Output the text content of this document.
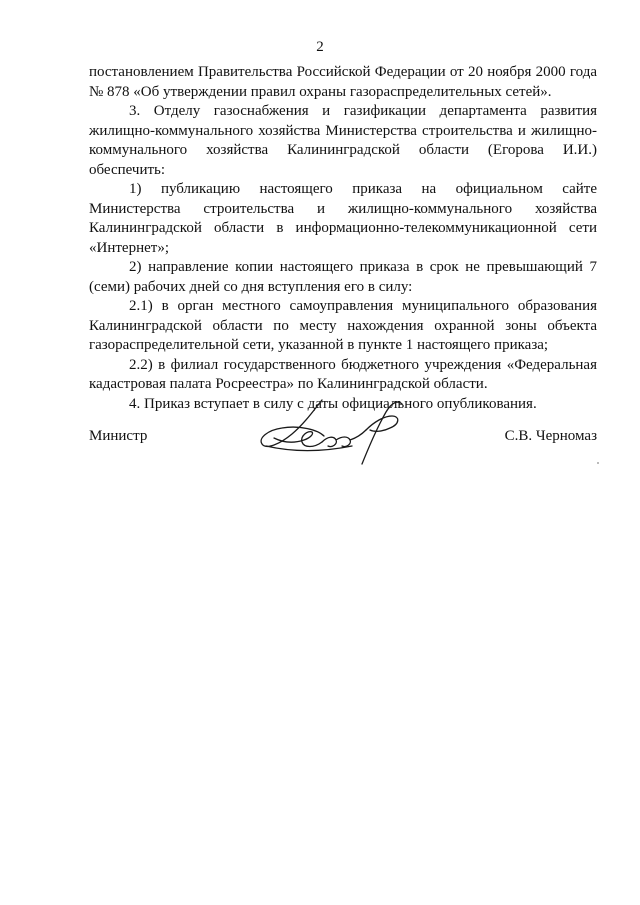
2

постановлением Правительства Российской Федерации от 20 ноября 2000 года № 878 «Об утверждении правил охраны газораспределительных сетей».

3. Отделу газоснабжения и газификации департамента развития жилищно-коммунального хозяйства Министерства строительства и жилищно-коммунального хозяйства Калининградской области (Егорова И.И.) обеспечить:

1) публикацию настоящего приказа на официальном сайте Министерства строительства и жилищно-коммунального хозяйства Калининградской области в информационно-телекоммуникационной сети «Интернет»;

2) направление копии настоящего приказа в срок не превышающий 7 (семи) рабочих дней со дня вступления его в силу:

2.1) в орган местного самоуправления муниципального образования Калининградской области по месту нахождения охранной зоны объекта газораспределительной сети, указанной в пункте 1 настоящего приказа;

2.2) в филиал государственного бюджетного учреждения «Федеральная кадастровая палата Росреестра» по Калининградской области.

4. Приказ вступает в силу с даты официального опубликования.

Министр	С.В. Черномаз
